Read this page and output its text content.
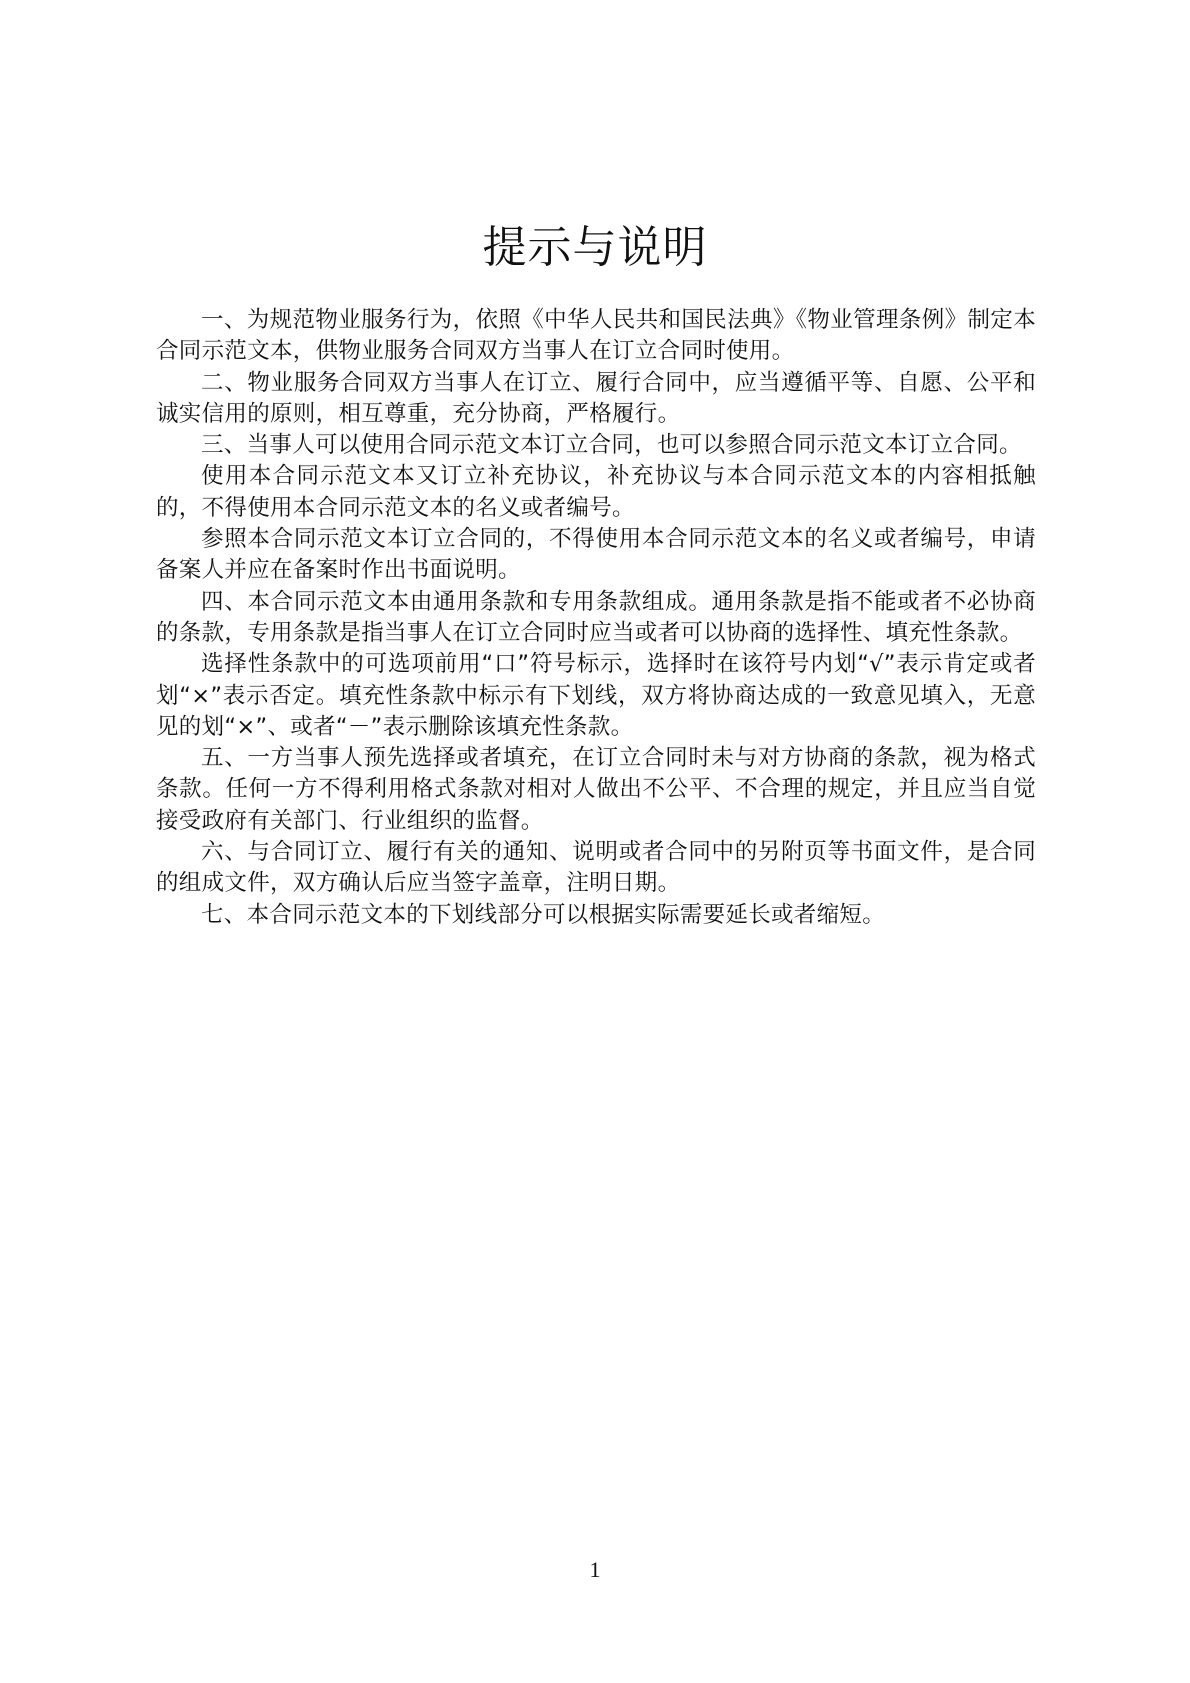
提示与说明

一、为规范物业服务行为，依照《中华人民共和国民法典》《物业管理条例》制定本合同示范文本，供物业服务合同双方当事人在订立合同时使用。

二、物业服务合同双方当事人在订立、履行合同中，应当遵循平等、自愿、公平和诚实信用的原则，相互尊重，充分协商，严格履行。

三、当事人可以使用合同示范文本订立合同，也可以参照合同示范文本订立合同。

使用本合同示范文本又订立补充协议，补充协议与本合同示范文本的内容相抵触的，不得使用本合同示范文本的名义或者编号。

参照本合同示范文本订立合同的，不得使用本合同示范文本的名义或者编号，申请备案人并应在备案时作出书面说明。

四、本合同示范文本由通用条款和专用条款组成。通用条款是指不能或者不必协商的条款，专用条款是指当事人在订立合同时应当或者可以协商的选择性、填充性条款。

选择性条款中的可选项前用“口”符号标示，选择时在该符号内划“√”表示肯定或者划“×”表示否定。填充性条款中标示有下划线，双方将协商达成的一致意见填入，无意见的划“×”、或者“－”表示删除该填充性条款。

五、一方当事人预先选择或者填充，在订立合同时未与对方协商的条款，视为格式条款。任何一方不得利用格式条款对相对人做出不公平、不合理的规定，并且应当自觉接受政府有关部门、行业组织的监督。

六、与合同订立、履行有关的通知、说明或者合同中的另附页等书面文件，是合同的组成文件，双方确认后应当签字盖章，注明日期。

七、本合同示范文本的下划线部分可以根据实际需要延长或者缩短。

1
